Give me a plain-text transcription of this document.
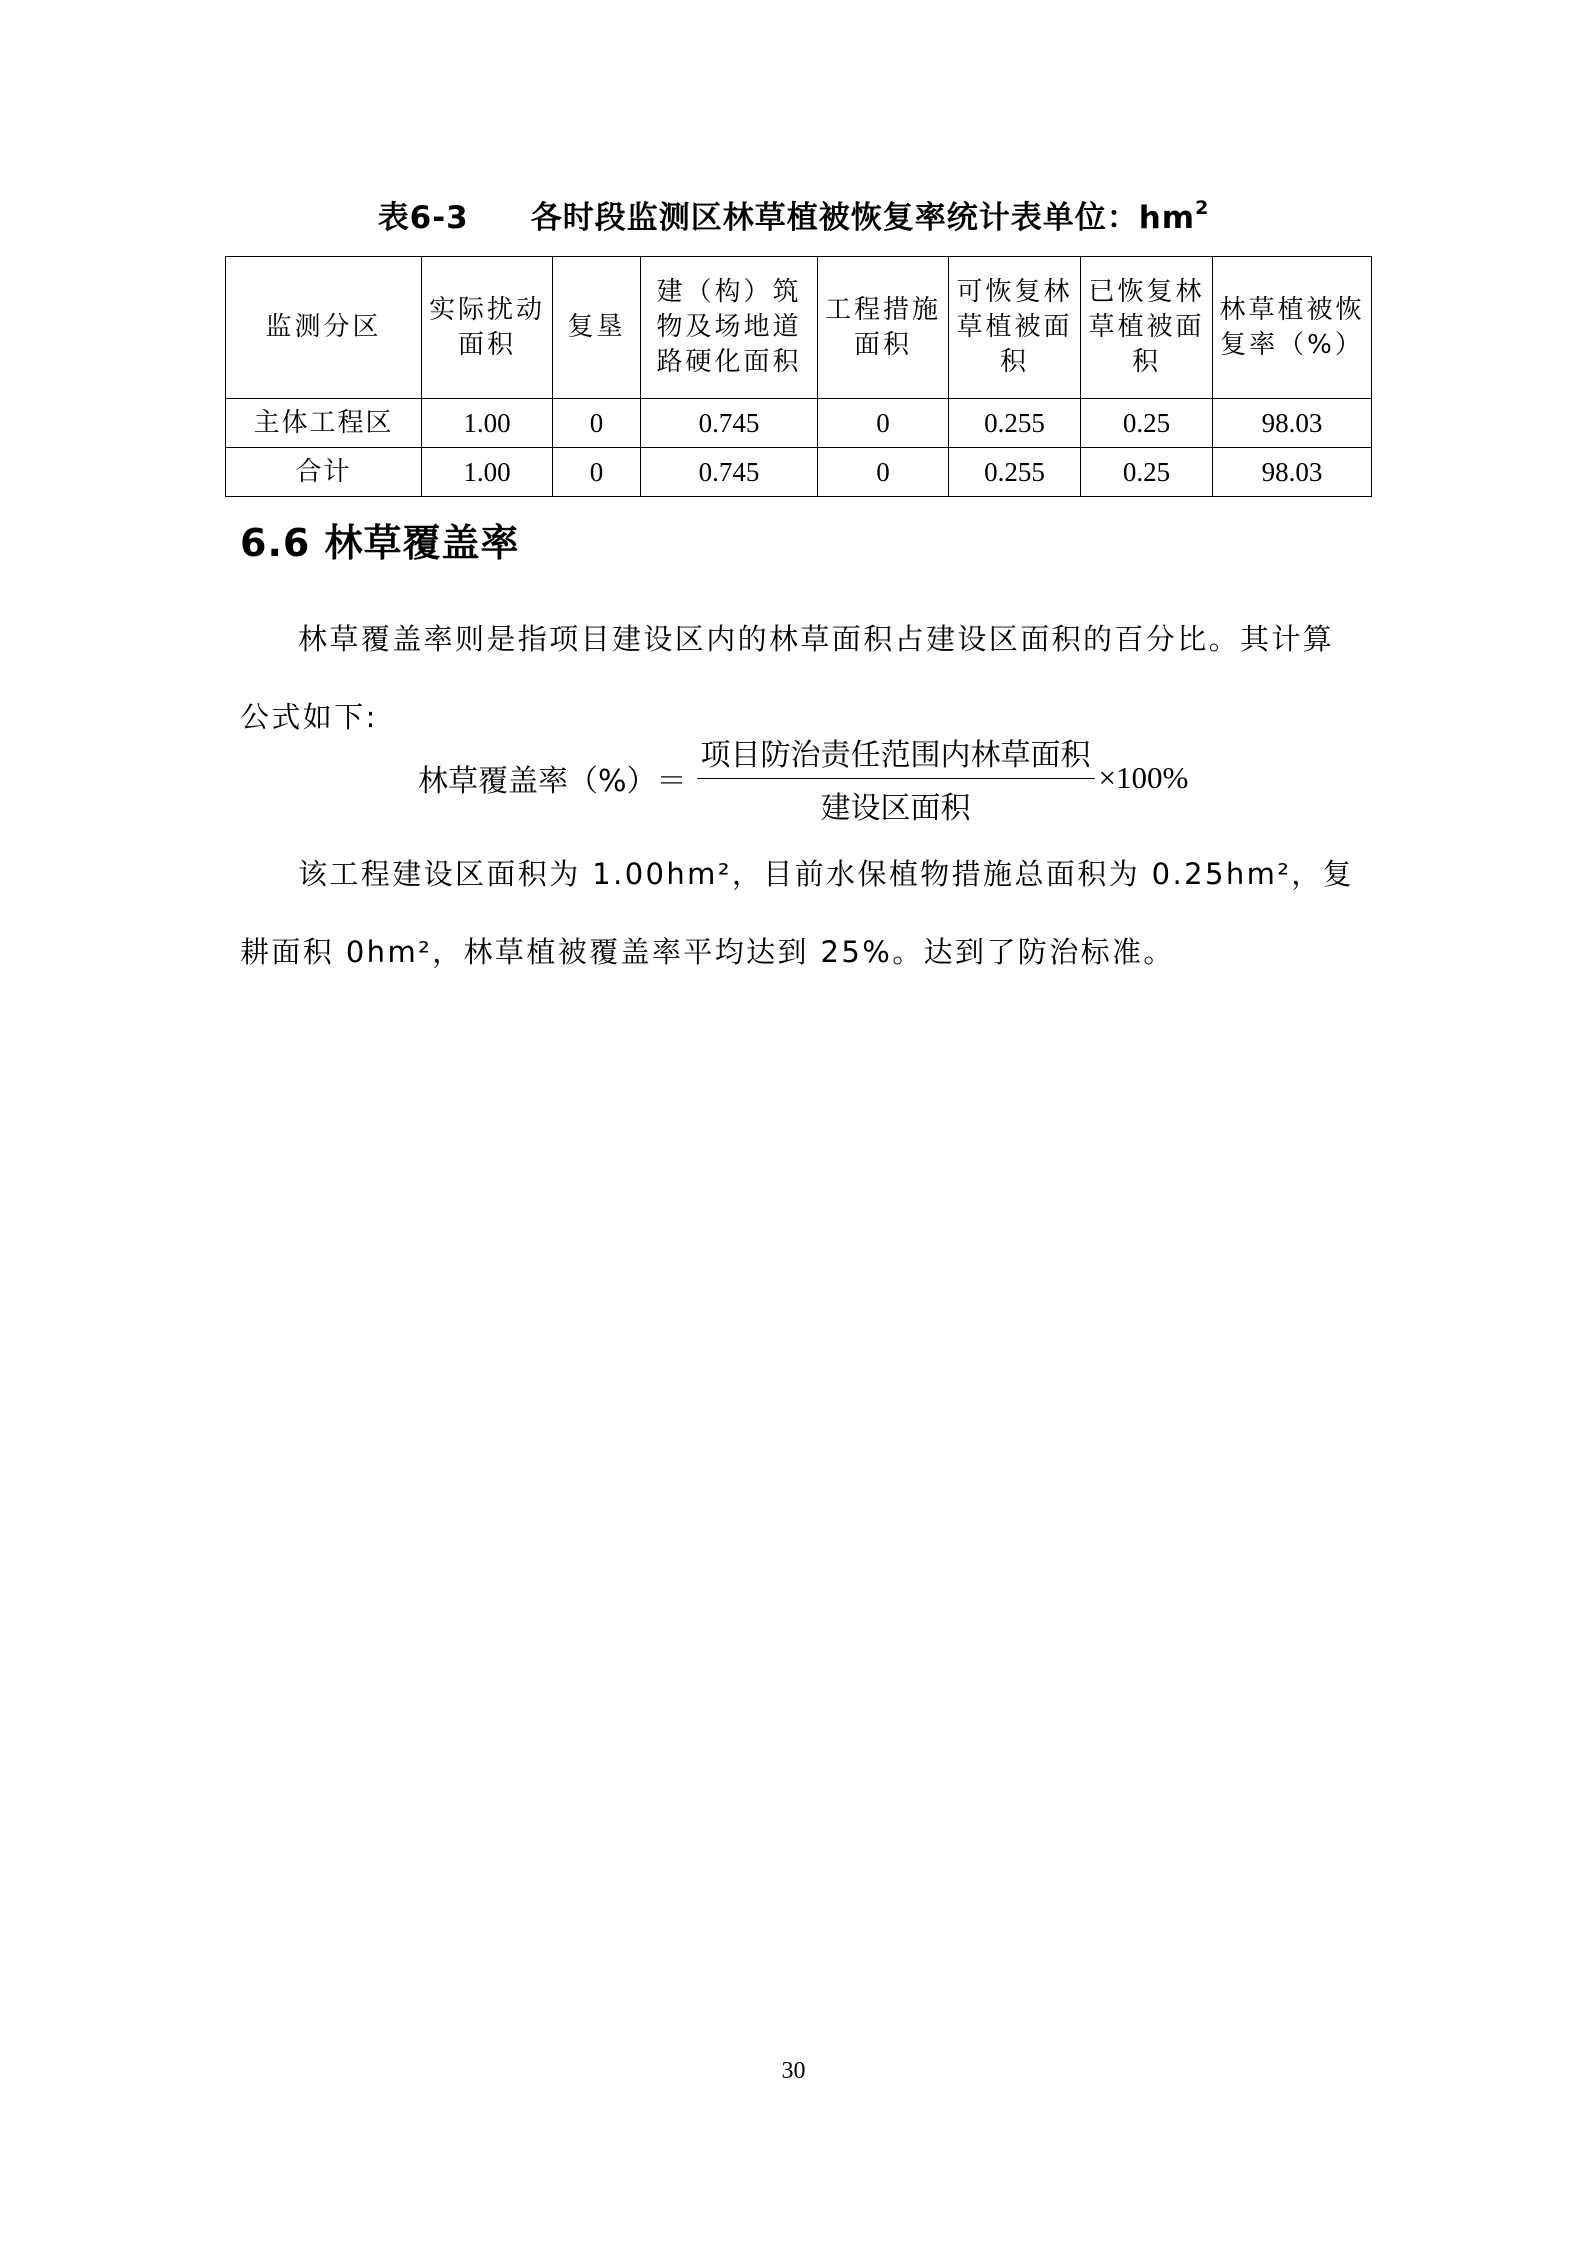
表6-3 各时段监测区林草植被恢复率统计表单位：$hm^2$
监测分区	实际扰动面积	复垦	建（构）筑物及场地道路硬化面积	工程措施面积	可恢复林草植被面积	已恢复林草植被面积	林草植被恢复率（%）
主体工程区	1.00	0	0.745	0	0.255	0.25	98.03
合计	1.00	0	0.745	0	0.255	0.25	98.03
6.6 林草覆盖率
林草覆盖率则是指项目建设区内的林草面积占建设区面积的百分比。其计算公式如下:
林草覆盖率（%）＝ $\frac{\text{项目防治责任范围内林草面积}}{\text{建设区面积}} \times 100\%$
该工程建设区面积为 1.00hm²，目前水保植物措施总面积为 0.25hm²，复耕面积 0hm²，林草植被覆盖率平均达到 25%。达到了防治标准。
30
